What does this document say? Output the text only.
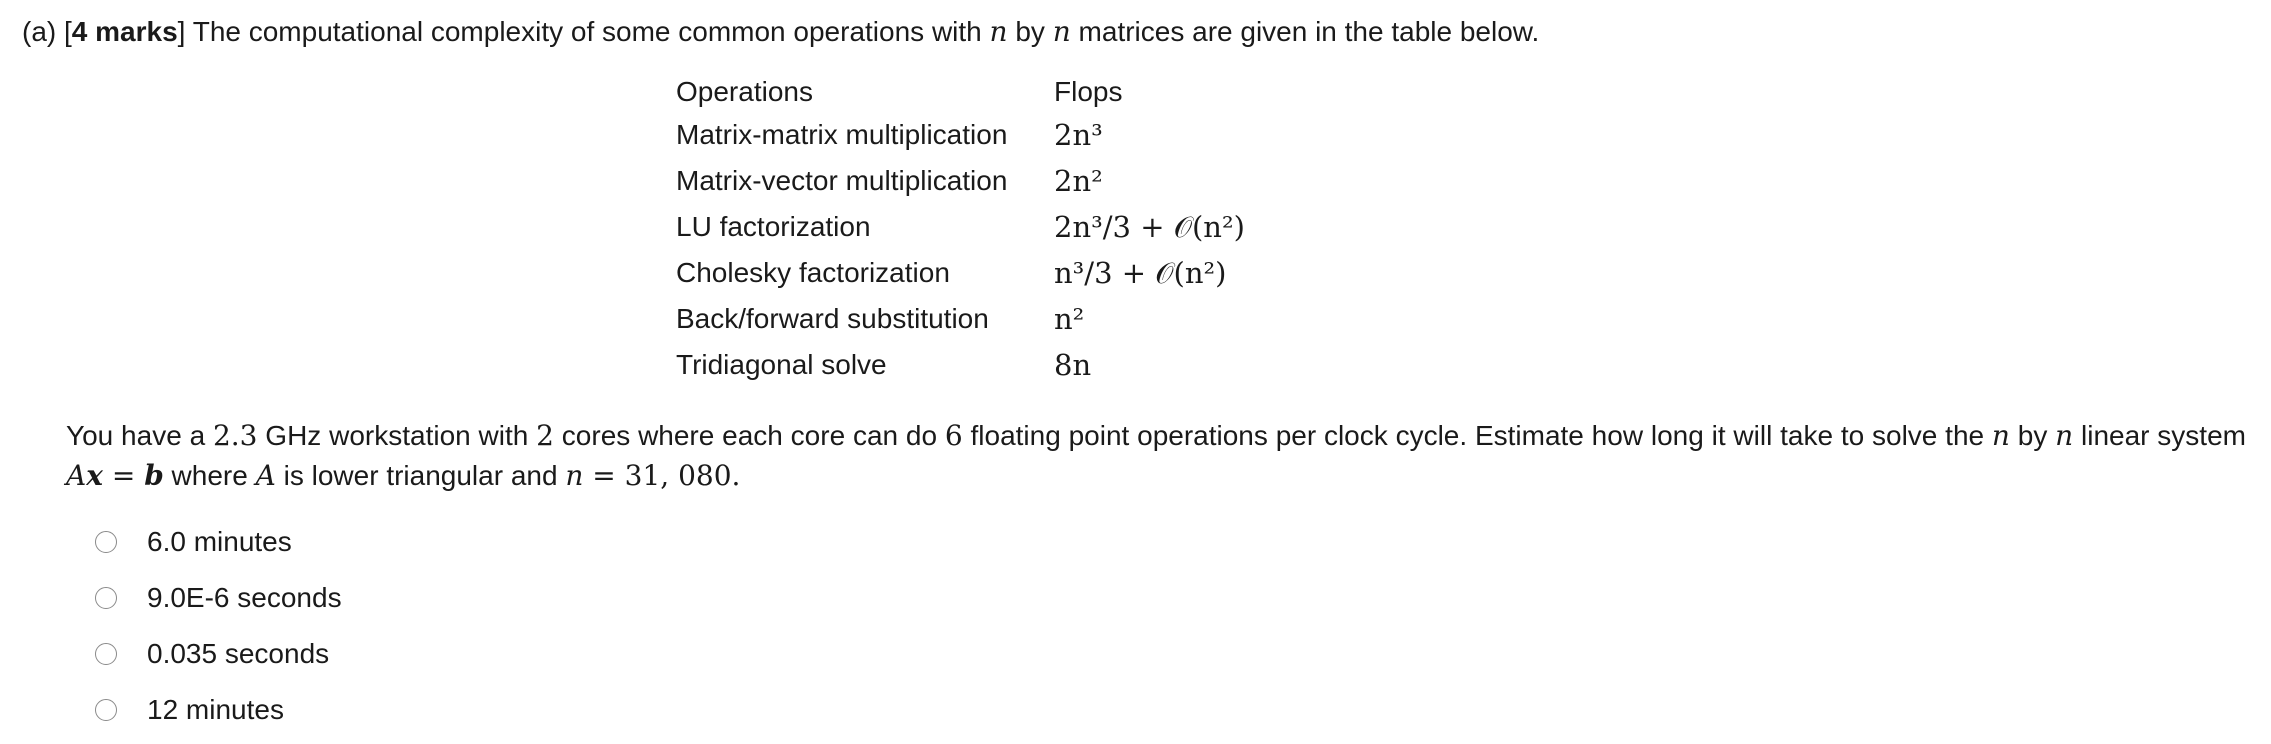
(a) [4 marks] The computational complexity of some common operations with n by n matrices are given in the table below.
Operations	Flops
Matrix-matrix multiplication	2n³
Matrix-vector multiplication	2n²
LU factorization	2n³/3 + 𝒪(n²)
Cholesky factorization	n³/3 + 𝒪(n²)
Back/forward substitution	n²
Tridiagonal solve	8n
You have a 2.3 GHz workstation with 2 cores where each core can do 6 floating point operations per clock cycle. Estimate how long it will take to solve the n by n linear system
Ax = b where A is lower triangular and n = 31, 080.
6.0 minutes
9.0E-6 seconds
0.035 seconds
12 minutes
